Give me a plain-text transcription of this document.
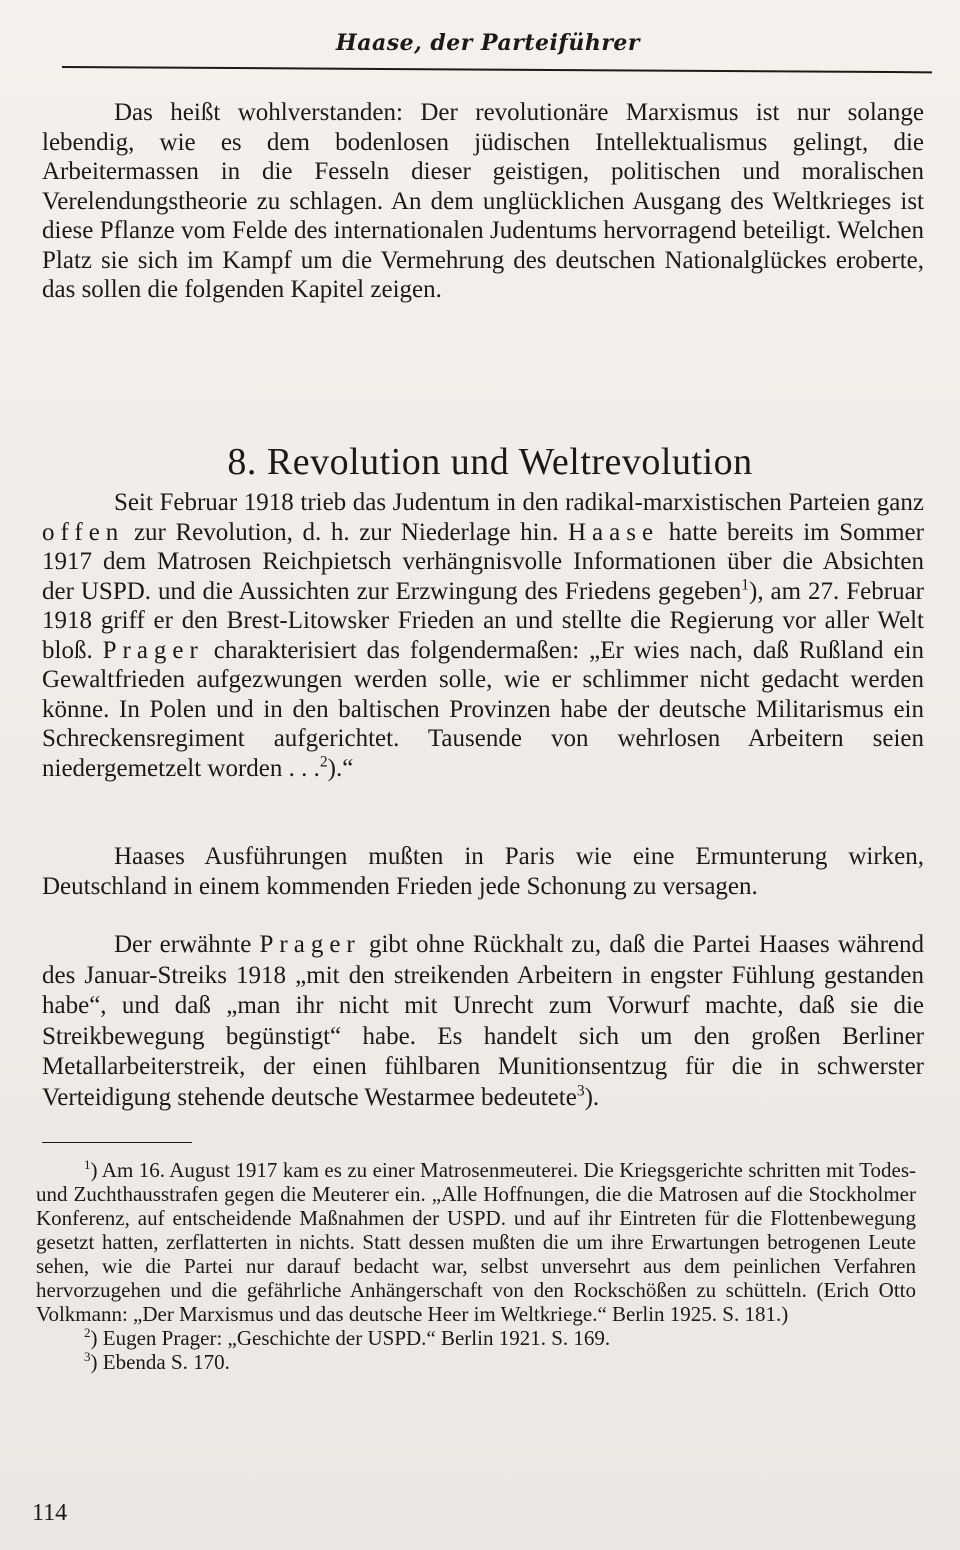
Haase, der Parteiführer

Das heißt wohlverstanden: Der revolutionäre Marxismus ist nur solange lebendig, wie es dem bodenlosen jüdischen Intellektualismus gelingt, die Arbeitermassen in die Fesseln dieser geistigen, politischen und moralischen Verelendungstheorie zu schlagen. An dem unglücklichen Ausgang des Weltkrieges ist diese Pflanze vom Felde des internationalen Judentums hervorragend beteiligt. Welchen Platz sie sich im Kampf um die Vermehrung des deutschen Nationalglückes eroberte, das sollen die folgenden Kapitel zeigen.

8. Revolution und Weltrevolution

Seit Februar 1918 trieb das Judentum in den radikal-marxistischen Parteien ganz offen zur Revolution, d. h. zur Niederlage hin. Haase hatte bereits im Sommer 1917 dem Matrosen Reichpietsch verhängnisvolle Informationen über die Absichten der USPD. und die Aussichten zur Erzwingung des Friedens gegeben$^1$), am 27. Februar 1918 griff er den Brest-Litowsker Frieden an und stellte die Regierung vor aller Welt bloß. Prager charakterisiert das folgendermaßen: „Er wies nach, daß Rußland ein Gewaltfrieden aufgezwungen werden solle, wie er schlimmer nicht gedacht werden könne. In Polen und in den baltischen Provinzen habe der deutsche Militarismus ein Schreckensregiment aufgerichtet. Tausende von wehrlosen Arbeitern seien niedergemetzelt worden . . .$^2$).“

Haases Ausführungen mußten in Paris wie eine Ermunterung wirken, Deutschland in einem kommenden Frieden jede Schonung zu versagen.

Der erwähnte Prager gibt ohne Rückhalt zu, daß die Partei Haases während des Januar-Streiks 1918 „mit den streikenden Arbeitern in engster Fühlung gestanden habe“, und daß „man ihr nicht mit Unrecht zum Vorwurf machte, daß sie die Streikbewegung begünstigt“ habe. Es handelt sich um den großen Berliner Metallarbeiterstreik, der einen fühlbaren Munitionsentzug für die in schwerster Verteidigung stehende deutsche Westarmee bedeutete$^3$).

$^1$) Am 16. August 1917 kam es zu einer Matrosenmeuterei. Die Kriegsgerichte schritten mit Todes- und Zuchthausstrafen gegen die Meuterer ein. „Alle Hoffnungen, die die Matrosen auf die Stockholmer Konferenz, auf entscheidende Maßnahmen der USPD. und auf ihr Eintreten für die Flottenbewegung gesetzt hatten, zerflatterten in nichts. Statt dessen mußten die um ihre Erwartungen betrogenen Leute sehen, wie die Partei nur darauf bedacht war, selbst unversehrt aus dem peinlichen Verfahren hervorzugehen und die gefährliche Anhängerschaft von den Rockschößen zu schütteln. (Erich Otto Volkmann: „Der Marxismus und das deutsche Heer im Weltkriege.“ Berlin 1925. S. 181.)

$^2$) Eugen Prager: „Geschichte der USPD.“ Berlin 1921. S. 169.

$^3$) Ebenda S. 170.

114
